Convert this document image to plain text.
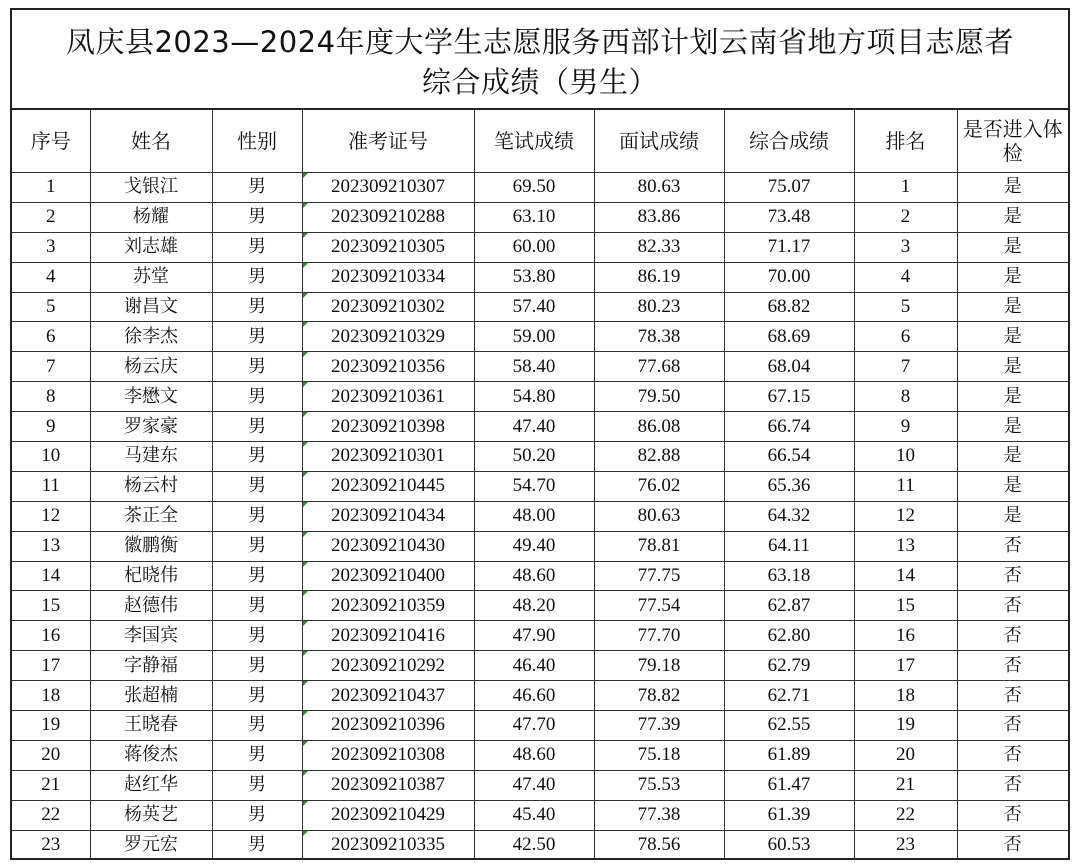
凤庆县2023—2024年度大学生志愿服务西部计划云南省地方项目志愿者
综合成绩（男生）
序号	姓名	性别	准考证号	笔试成绩	面试成绩	综合成绩	排名	是否进入体检
1	戈银江	男	202309210307	69.50	80.63	75.07	1	是
2	杨耀	男	202309210288	63.10	83.86	73.48	2	是
3	刘志雄	男	202309210305	60.00	82.33	71.17	3	是
4	苏堂	男	202309210334	53.80	86.19	70.00	4	是
5	谢昌文	男	202309210302	57.40	80.23	68.82	5	是
6	徐李杰	男	202309210329	59.00	78.38	68.69	6	是
7	杨云庆	男	202309210356	58.40	77.68	68.04	7	是
8	李懋文	男	202309210361	54.80	79.50	67.15	8	是
9	罗家豪	男	202309210398	47.40	86.08	66.74	9	是
10	马建东	男	202309210301	50.20	82.88	66.54	10	是
11	杨云村	男	202309210445	54.70	76.02	65.36	11	是
12	茶正全	男	202309210434	48.00	80.63	64.32	12	是
13	徽鹏衡	男	202309210430	49.40	78.81	64.11	13	否
14	杞晓伟	男	202309210400	48.60	77.75	63.18	14	否
15	赵德伟	男	202309210359	48.20	77.54	62.87	15	否
16	李国宾	男	202309210416	47.90	77.70	62.80	16	否
17	字静福	男	202309210292	46.40	79.18	62.79	17	否
18	张超楠	男	202309210437	46.60	78.82	62.71	18	否
19	王晓春	男	202309210396	47.70	77.39	62.55	19	否
20	蒋俊杰	男	202309210308	48.60	75.18	61.89	20	否
21	赵红华	男	202309210387	47.40	75.53	61.47	21	否
22	杨英艺	男	202309210429	45.40	77.38	61.39	22	否
23	罗元宏	男	202309210335	42.50	78.56	60.53	23	否
